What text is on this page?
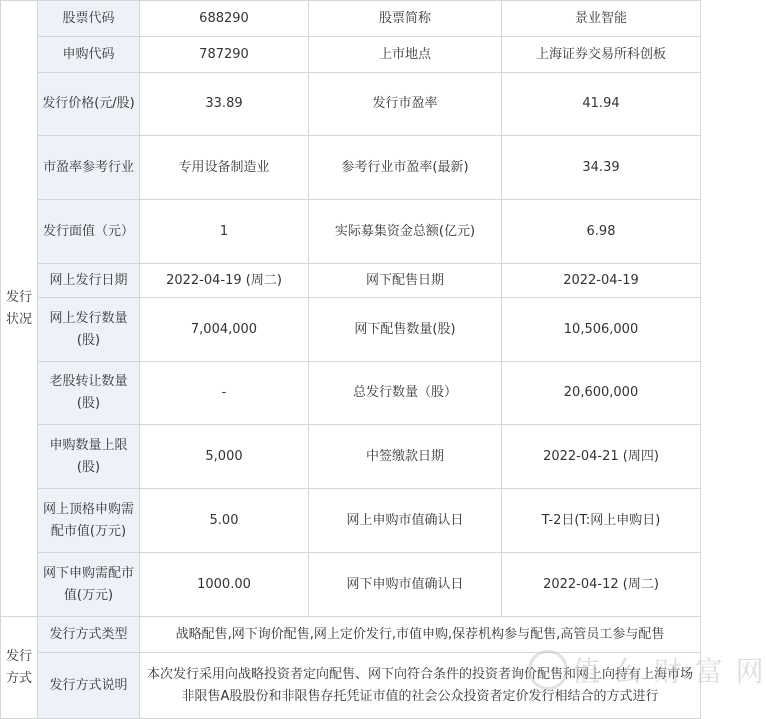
发行状况	股票代码	688290	股票简称	景业智能
	申购代码	787290	上市地点	上海证券交易所科创板
	发行价格(元/股)	33.89	发行市盈率	41.94
	市盈率参考行业	专用设备制造业	参考行业市盈率(最新)	34.39
	发行面值（元）	1	实际募集资金总额(亿元)	6.98
	网上发行日期	2022-04-19 (周二)	网下配售日期	2022-04-19
	网上发行数量(股)	7,004,000	网下配售数量(股)	10,506,000
	老股转让数量(股)	-	总发行数量（股）	20,600,000
	申购数量上限(股)	5,000	中签缴款日期	2022-04-21 (周四)
	网上顶格申购需配市值(万元)	5.00	网上申购市值确认日	T-2日(T:网上申购日)
	网下申购需配市值(万元)	1000.00	网下申购市值确认日	2022-04-12 (周二)
发行方式	发行方式类型	战略配售,网下询价配售,网上定价发行,市值申购,保荐机构参与配售,高管员工参与配售		
	发行方式说明	本次发行采用向战略投资者定向配售、网下向符合条件的投资者询价配售和网上向持有上海市场非限售A股股份和非限售存托凭证市值的社会公众投资者定价发行相结合的方式进行		
值 么 财 富 网
